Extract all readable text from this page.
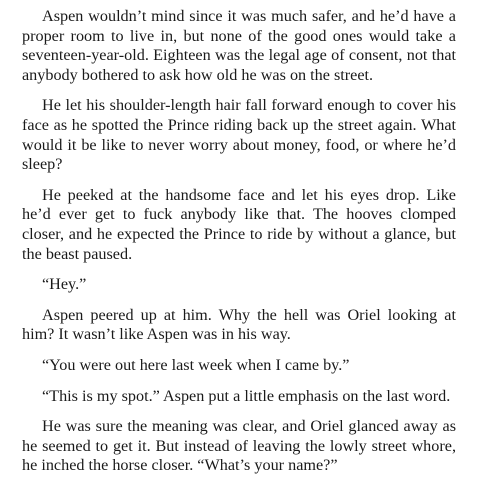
Aspen wouldn’t mind since it was much safer, and he’d have a proper room to live in, but none of the good ones would take a seventeen-year-old. Eighteen was the legal age of consent, not that anybody bothered to ask how old he was on the street.

He let his shoulder-length hair fall forward enough to cover his face as he spotted the Prince riding back up the street again. What would it be like to never worry about money, food, or where he’d sleep?

He peeked at the handsome face and let his eyes drop. Like he’d ever get to fuck anybody like that. The hooves clomped closer, and he expected the Prince to ride by without a glance, but the beast paused.

“Hey.”

Aspen peered up at him. Why the hell was Oriel looking at him? It wasn’t like Aspen was in his way.

“You were out here last week when I came by.”

“This is my spot.” Aspen put a little emphasis on the last word.

He was sure the meaning was clear, and Oriel glanced away as he seemed to get it. But instead of leaving the lowly street whore, he inched the horse closer. “What’s your name?”
